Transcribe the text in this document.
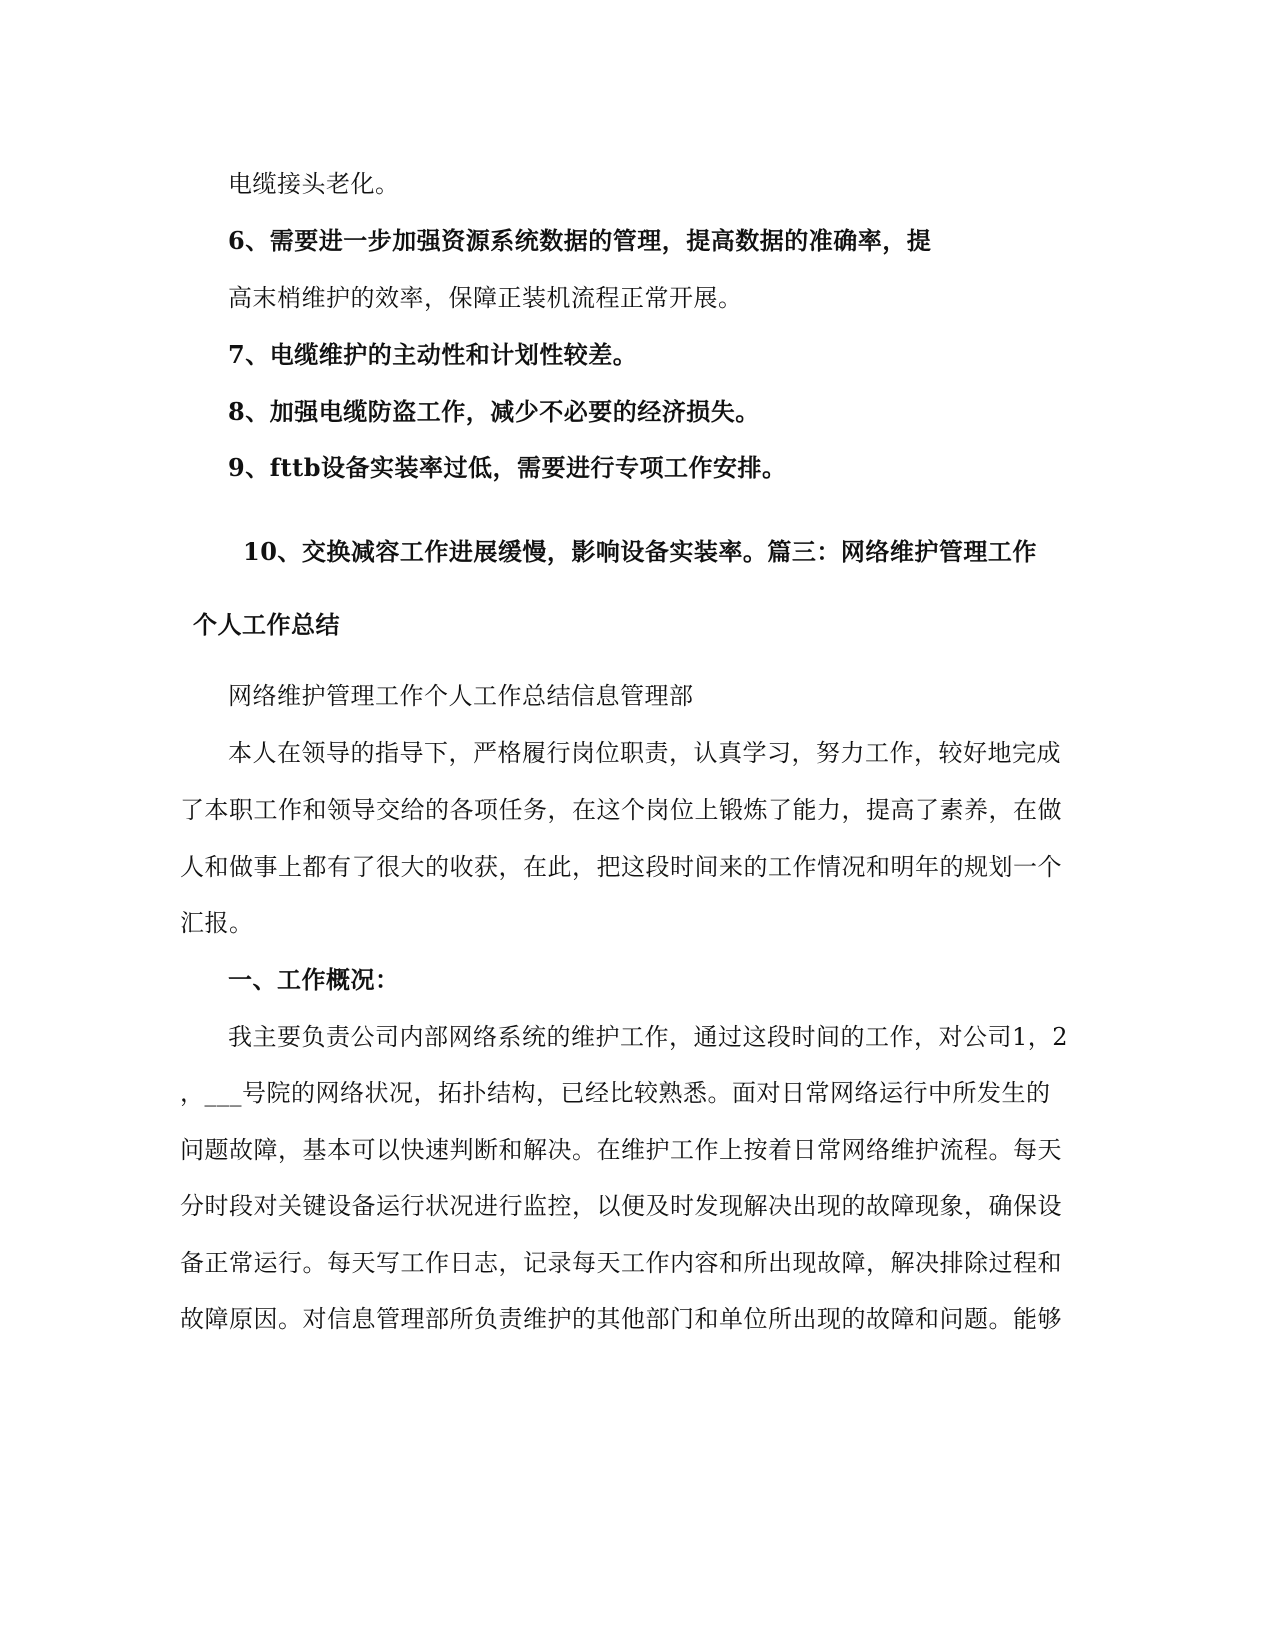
电缆接头老化。
6、需要进一步加强资源系统数据的管理，提高数据的准确率，提
高末梢维护的效率，保障正装机流程正常开展。
7、电缆维护的主动性和计划性较差。
8、加强电缆防盗工作，减少不必要的经济损失。
9、fttb设备实装率过低，需要进行专项工作安排。
10、交换减容工作进展缓慢，影响设备实装率。篇三：网络维护管理工作
个人工作总结
网络维护管理工作个人工作总结信息管理部
本人在领导的指导下，严格履行岗位职责，认真学习，努力工作，较好地完成
了本职工作和领导交给的各项任务，在这个岗位上锻炼了能力，提高了素养，在做
人和做事上都有了很大的收获，在此，把这段时间来的工作情况和明年的规划一个
汇报。
一、工作概况：
我主要负责公司内部网络系统的维护工作，通过这段时间的工作，对公司1，2
，___号院的网络状况，拓扑结构，已经比较熟悉。面对日常网络运行中所发生的
问题故障，基本可以快速判断和解决。在维护工作上按着日常网络维护流程。每天
分时段对关键设备运行状况进行监控，以便及时发现解决出现的故障现象，确保设
备正常运行。每天写工作日志，记录每天工作内容和所出现故障，解决排除过程和
故障原因。对信息管理部所负责维护的其他部门和单位所出现的故障和问题。能够
